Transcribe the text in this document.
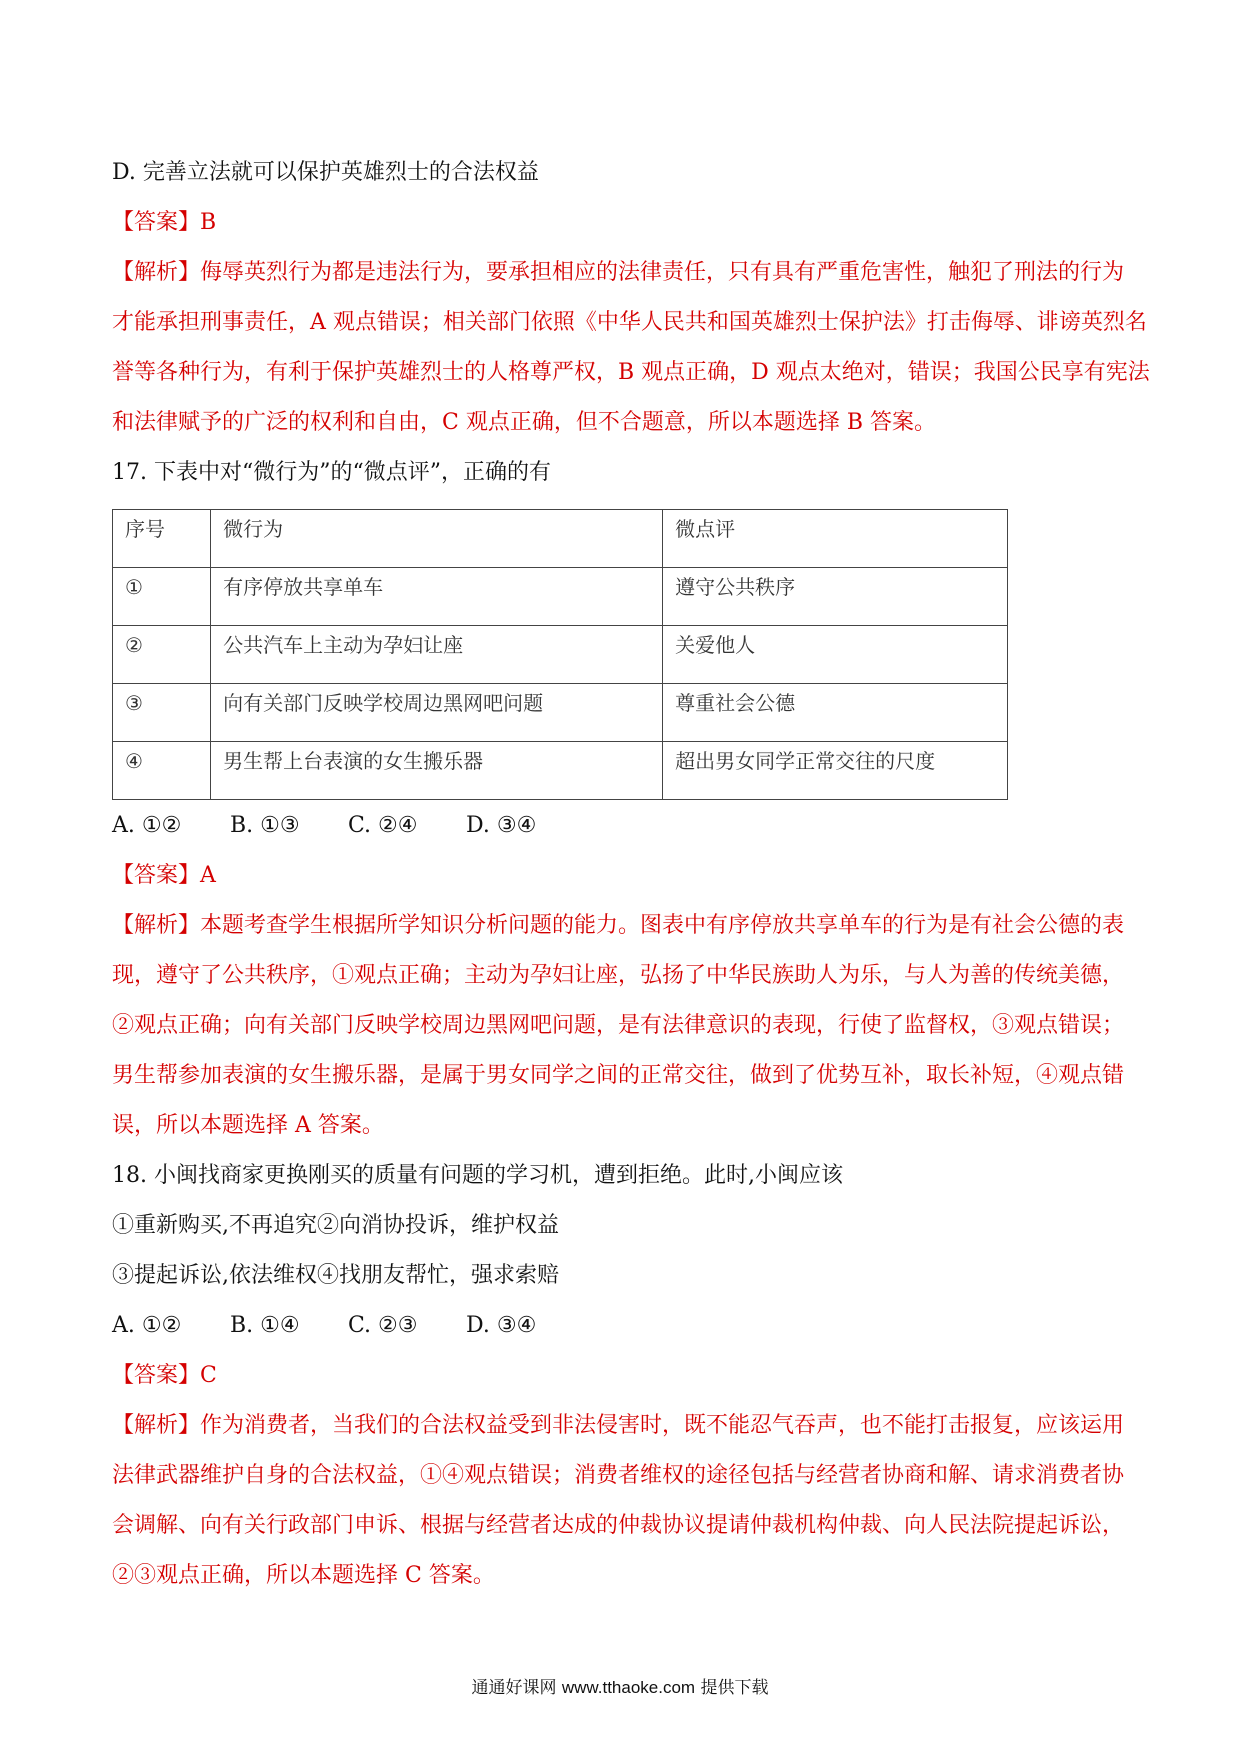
D. 完善立法就可以保护英雄烈士的合法权益
【答案】B
【解析】侮辱英烈行为都是违法行为，要承担相应的法律责任，只有具有严重危害性，触犯了刑法的行为
才能承担刑事责任，A 观点错误；相关部门依照《中华人民共和国英雄烈士保护法》打击侮辱、诽谤英烈名
誉等各种行为，有利于保护英雄烈士的人格尊严权，B 观点正确，D 观点太绝对，错误；我国公民享有宪法
和法律赋予的广泛的权利和自由，C 观点正确，但不合题意，所以本题选择 B 答案。
17. 下表中对“微行为”的“微点评”，正确的有
序号	微行为	微点评
①	有序停放共享单车	遵守公共秩序
②	公共汽车上主动为孕妇让座	关爱他人
③	向有关部门反映学校周边黑网吧问题	尊重社会公德
④	男生帮上台表演的女生搬乐器	超出男女同学正常交往的尺度
A. ①② B. ①③ C. ②④ D. ③④
【答案】A
【解析】本题考查学生根据所学知识分析问题的能力。图表中有序停放共享单车的行为是有社会公德的表
现，遵守了公共秩序，①观点正确；主动为孕妇让座，弘扬了中华民族助人为乐，与人为善的传统美德，
②观点正确；向有关部门反映学校周边黑网吧问题，是有法律意识的表现，行使了监督权，③观点错误；
男生帮参加表演的女生搬乐器，是属于男女同学之间的正常交往，做到了优势互补，取长补短，④观点错
误，所以本题选择 A 答案。
18. 小闽找商家更换刚买的质量有问题的学习机，遭到拒绝。此时,小闽应该
①重新购买,不再追究②向消协投诉，维护权益
③提起诉讼,依法维权④找朋友帮忙，强求索赔
A. ①② B. ①④ C. ②③ D. ③④
【答案】C
【解析】作为消费者，当我们的合法权益受到非法侵害时，既不能忍气吞声，也不能打击报复，应该运用
法律武器维护自身的合法权益，①④观点错误；消费者维权的途径包括与经营者协商和解、请求消费者协
会调解、向有关行政部门申诉、根据与经营者达成的仲裁协议提请仲裁机构仲裁、向人民法院提起诉讼，
②③观点正确，所以本题选择 C 答案。
通通好课网 www.tthaoke.com 提供下载
